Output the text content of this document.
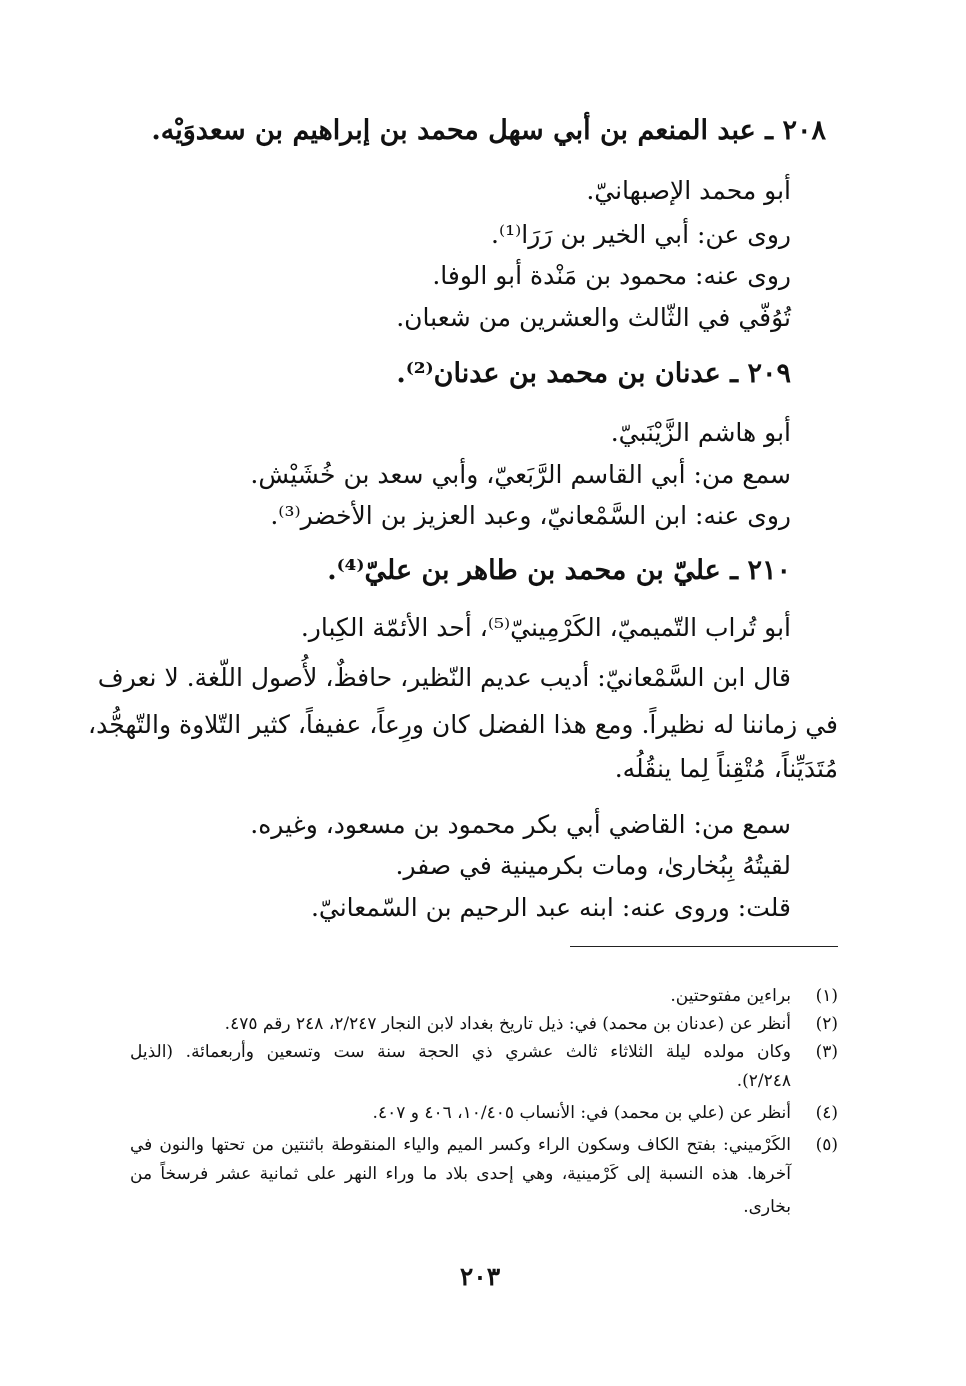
٢٠٨ ـ عبد المنعم بن أبي سهل محمد بن إبراهيم بن سعدوَيْه.
أبو محمد الإصبهانيّ.
روى عن: أبي الخير بن رَرَا⁽¹⁾.
روى عنه: محمود بن مَنْدة أبو الوفا.
تُوُفّي في الثّالث والعشرين من شعبان.
٢٠٩ ـ عدنان بن محمد بن عدنان⁽²⁾.
أبو هاشم الزَّيْنَبيّ.
سمع من: أبي القاسم الرَّبَعيّ، وأبي سعد بن خُشَيْش.
روى عنه: ابن السَّمْعانيّ، وعبد العزيز بن الأخضر⁽³⁾.
٢١٠ ـ عليّ بن محمد بن طاهر بن عليّ⁽⁴⁾.
أبو تُراب التّميميّ، الكَرْمِينيّ⁽⁵⁾، أحد الأئمّة الكِبار.
قال ابن السَّمْعانيّ: أديب عديم النّظير، حافظٌ، لأُصول اللّغة. لا نعرف
في زماننا له نظيراً. ومع هذا الفضل كان ورِعاً، عفيفاً، كثير التّلاوة والتّهجُّد،
مُتَدَيِّناً، مُتْقِناً لِما ينقُلُه.
سمع من: القاضي أبي بكر محمود بن مسعود، وغيره.
لقيتُهُ بِبُخارىٰ، ومات بكرمينية في صفر.
قلت: وروى عنه: ابنه عبد الرحيم بن السّمعانيّ.
(١)
براءين مفتوحتين.
(٢)
أنظر عن (عدنان بن محمد) في: ذيل تاريخ بغداد لابن النجار ٢/٢٤٧، ٢٤٨ رقم ٤٧٥.
(٣)
وكان مولده ليلة الثلاثاء ثالث عشري ذي الحجة سنة ست وتسعين وأربعمائة. (الذيل
٢/٢٤٨).
(٤)
أنظر عن (علي بن محمد) في: الأنساب ١٠/٤٠٥، ٤٠٦ و ٤٠٧.
(٥)
الكَرْميني: بفتح الكاف وسكون الراء وكسر الميم والياء المنقوطة باثنتين من تحتها والنون في
آخرها. هذه النسبة إلى كَرْمينية، وهي إحدى بلاد ما وراء النهر على ثمانية عشر فرسخاً من
بخارى.
٢٠٣
